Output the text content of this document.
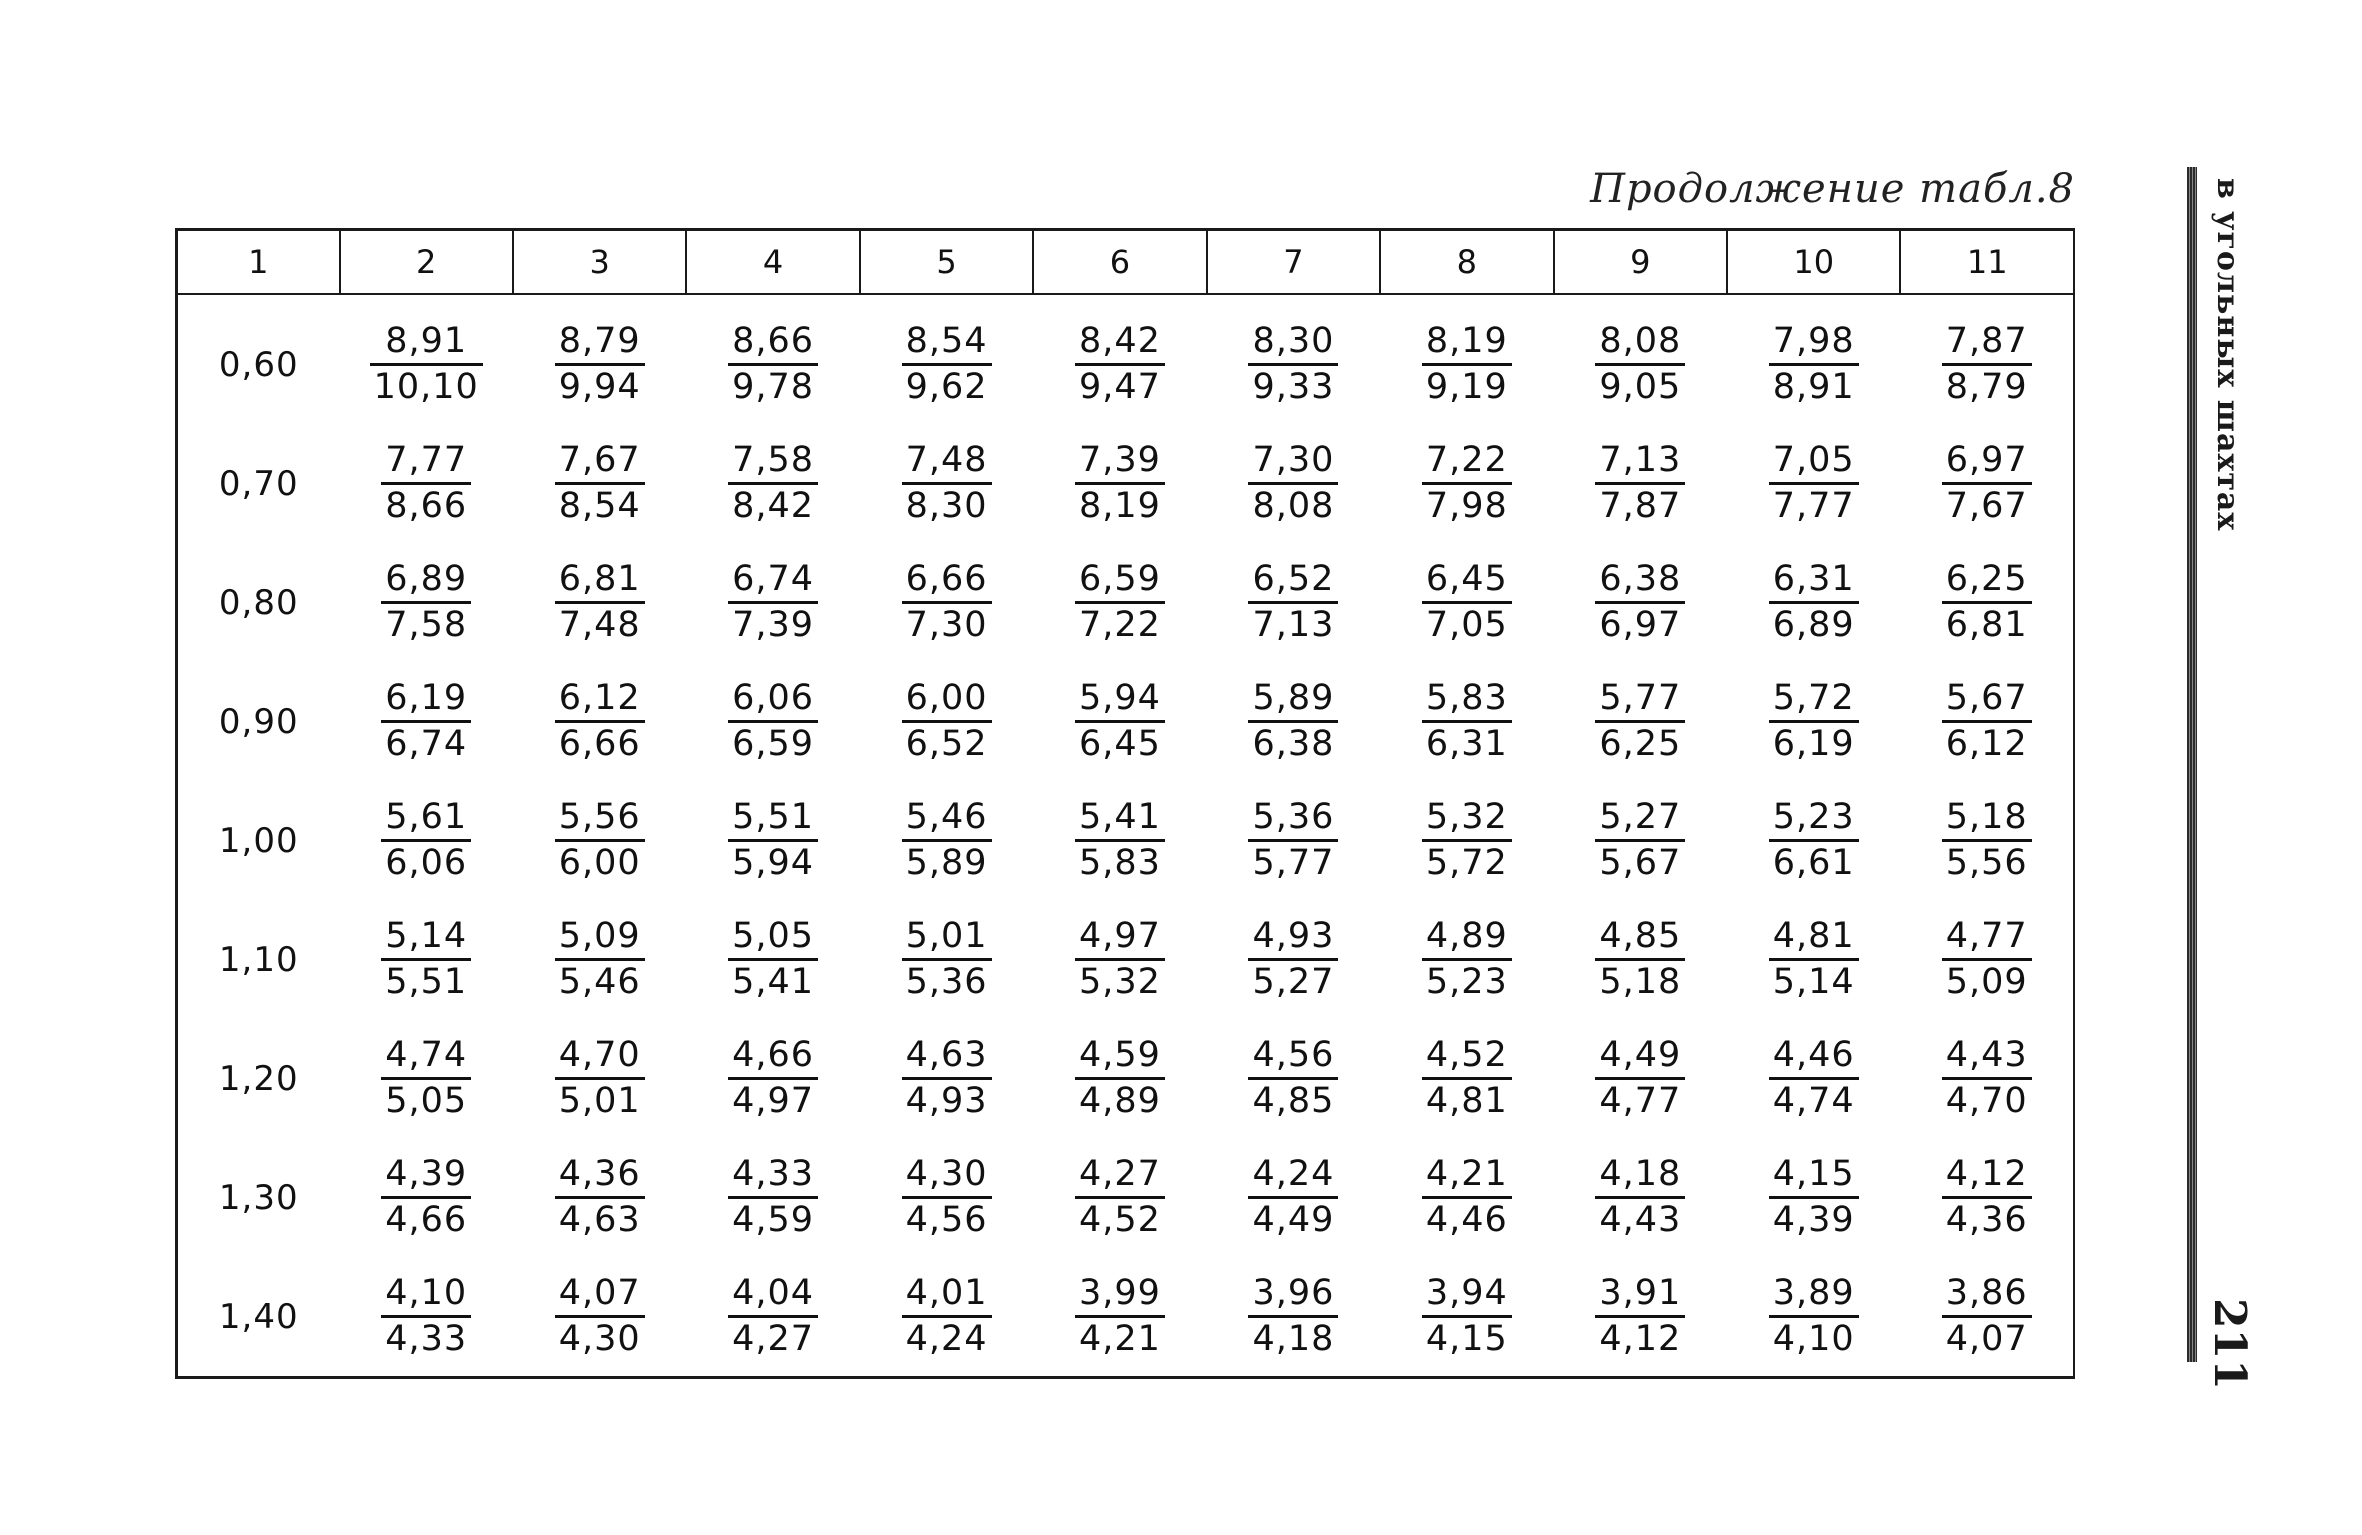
Продолжение табл.8
1	2	3	4	5	6	7	8	9	10	11
0,60	$\frac{8,91}{10,10}$	$\frac{8,79}{9,94}$	$\frac{8,66}{9,78}$	$\frac{8,54}{9,62}$	$\frac{8,42}{9,47}$	$\frac{8,30}{9,33}$	$\frac{8,19}{9,19}$	$\frac{8,08}{9,05}$	$\frac{7,98}{8,91}$	$\frac{7,87}{8,79}$

0,70	$\frac{7,77}{8,66}$	$\frac{7,67}{8,54}$	$\frac{7,58}{8,42}$	$\frac{7,48}{8,30}$	$\frac{7,39}{8,19}$	$\frac{7,30}{8,08}$	$\frac{7,22}{7,98}$	$\frac{7,13}{7,87}$	$\frac{7,05}{7,77}$	$\frac{6,97}{7,67}$

0,80	$\frac{6,89}{7,58}$	$\frac{6,81}{7,48}$	$\frac{6,74}{7,39}$	$\frac{6,66}{7,30}$	$\frac{6,59}{7,22}$	$\frac{6,52}{7,13}$	$\frac{6,45}{7,05}$	$\frac{6,38}{6,97}$	$\frac{6,31}{6,89}$	$\frac{6,25}{6,81}$

0,90	$\frac{6,19}{6,74}$	$\frac{6,12}{6,66}$	$\frac{6,06}{6,59}$	$\frac{6,00}{6,52}$	$\frac{5,94}{6,45}$	$\frac{5,89}{6,38}$	$\frac{5,83}{6,31}$	$\frac{5,77}{6,25}$	$\frac{5,72}{6,19}$	$\frac{5,67}{6,12}$

1,00	$\frac{5,61}{6,06}$	$\frac{5,56}{6,00}$	$\frac{5,51}{5,94}$	$\frac{5,46}{5,89}$	$\frac{5,41}{5,83}$	$\frac{5,36}{5,77}$	$\frac{5,32}{5,72}$	$\frac{5,27}{5,67}$	$\frac{5,23}{6,61}$	$\frac{5,18}{5,56}$

1,10	$\frac{5,14}{5,51}$	$\frac{5,09}{5,46}$	$\frac{5,05}{5,41}$	$\frac{5,01}{5,36}$	$\frac{4,97}{5,32}$	$\frac{4,93}{5,27}$	$\frac{4,89}{5,23}$	$\frac{4,85}{5,18}$	$\frac{4,81}{5,14}$	$\frac{4,77}{5,09}$

1,20	$\frac{4,74}{5,05}$	$\frac{4,70}{5,01}$	$\frac{4,66}{4,97}$	$\frac{4,63}{4,93}$	$\frac{4,59}{4,89}$	$\frac{4,56}{4,85}$	$\frac{4,52}{4,81}$	$\frac{4,49}{4,77}$	$\frac{4,46}{4,74}$	$\frac{4,43}{4,70}$

1,30	$\frac{4,39}{4,66}$	$\frac{4,36}{4,63}$	$\frac{4,33}{4,59}$	$\frac{4,30}{4,56}$	$\frac{4,27}{4,52}$	$\frac{4,24}{4,49}$	$\frac{4,21}{4,46}$	$\frac{4,18}{4,43}$	$\frac{4,15}{4,39}$	$\frac{4,12}{4,36}$

1,40	$\frac{4,10}{4,33}$	$\frac{4,07}{4,30}$	$\frac{4,04}{4,27}$	$\frac{4,01}{4,24}$	$\frac{3,99}{4,21}$	$\frac{3,96}{4,18}$	$\frac{3,94}{4,15}$	$\frac{3,91}{4,12}$	$\frac{3,89}{4,10}$	$\frac{3,86}{4,07}$
в угольных шахтах
211
